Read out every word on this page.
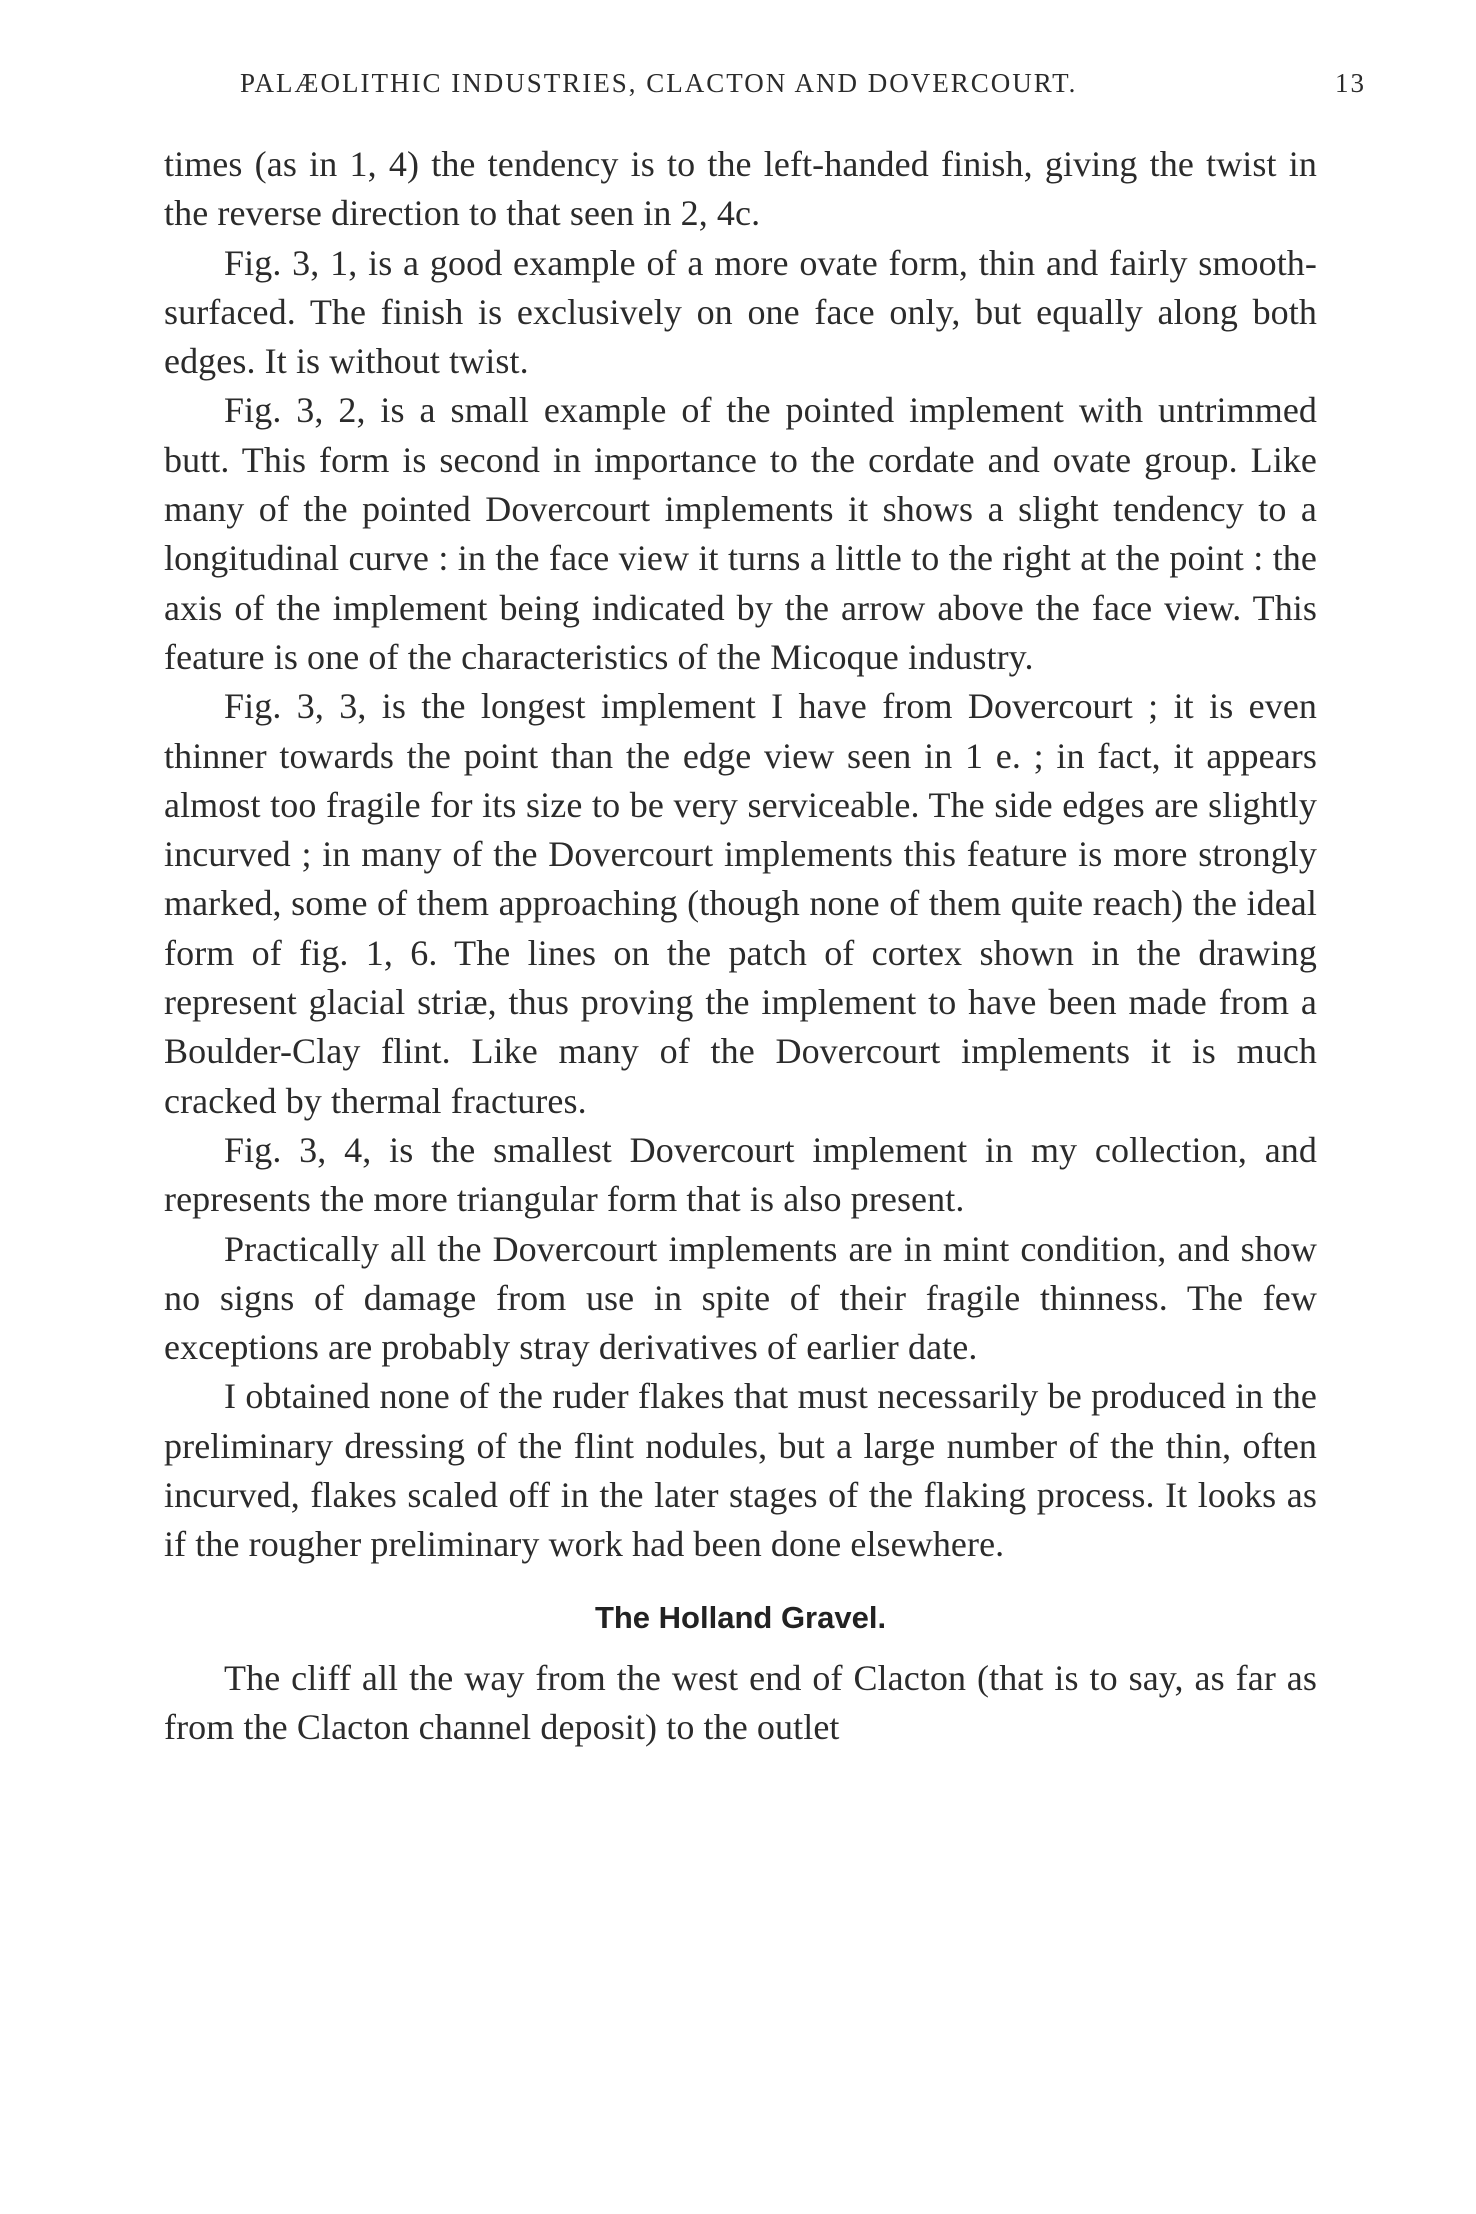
PALÆOLITHIC INDUSTRIES, CLACTON AND DOVERCOURT.	13

times (as in 1, 4) the tendency is to the left-handed finish, giving the twist in the reverse direction to that seen in 2, 4c.

Fig. 3, 1, is a good example of a more ovate form, thin and fairly smooth-surfaced. The finish is exclusively on one face only, but equally along both edges. It is without twist.

Fig. 3, 2, is a small example of the pointed implement with untrimmed butt. This form is second in importance to the cordate and ovate group. Like many of the pointed Dovercourt implements it shows a slight tendency to a longitudinal curve : in the face view it turns a little to the right at the point : the axis of the implement being indicated by the arrow above the face view. This feature is one of the characteristics of the Micoque industry.

Fig. 3, 3, is the longest implement I have from Dovercourt ; it is even thinner towards the point than the edge view seen in 1 e. ; in fact, it appears almost too fragile for its size to be very serviceable. The side edges are slightly incurved ; in many of the Dovercourt implements this feature is more strongly marked, some of them approaching (though none of them quite reach) the ideal form of fig. 1, 6. The lines on the patch of cortex shown in the drawing represent glacial striæ, thus proving the implement to have been made from a Boulder-Clay flint. Like many of the Dovercourt implements it is much cracked by thermal fractures.

Fig. 3, 4, is the smallest Dovercourt implement in my collection, and represents the more triangular form that is also present.

Practically all the Dovercourt implements are in mint condition, and show no signs of damage from use in spite of their fragile thinness. The few exceptions are probably stray derivatives of earlier date.

I obtained none of the ruder flakes that must necessarily be produced in the preliminary dressing of the flint nodules, but a large number of the thin, often incurved, flakes scaled off in the later stages of the flaking process. It looks as if the rougher preliminary work had been done elsewhere.

The Holland Gravel.

The cliff all the way from the west end of Clacton (that is to say, as far as from the Clacton channel deposit) to the outlet
